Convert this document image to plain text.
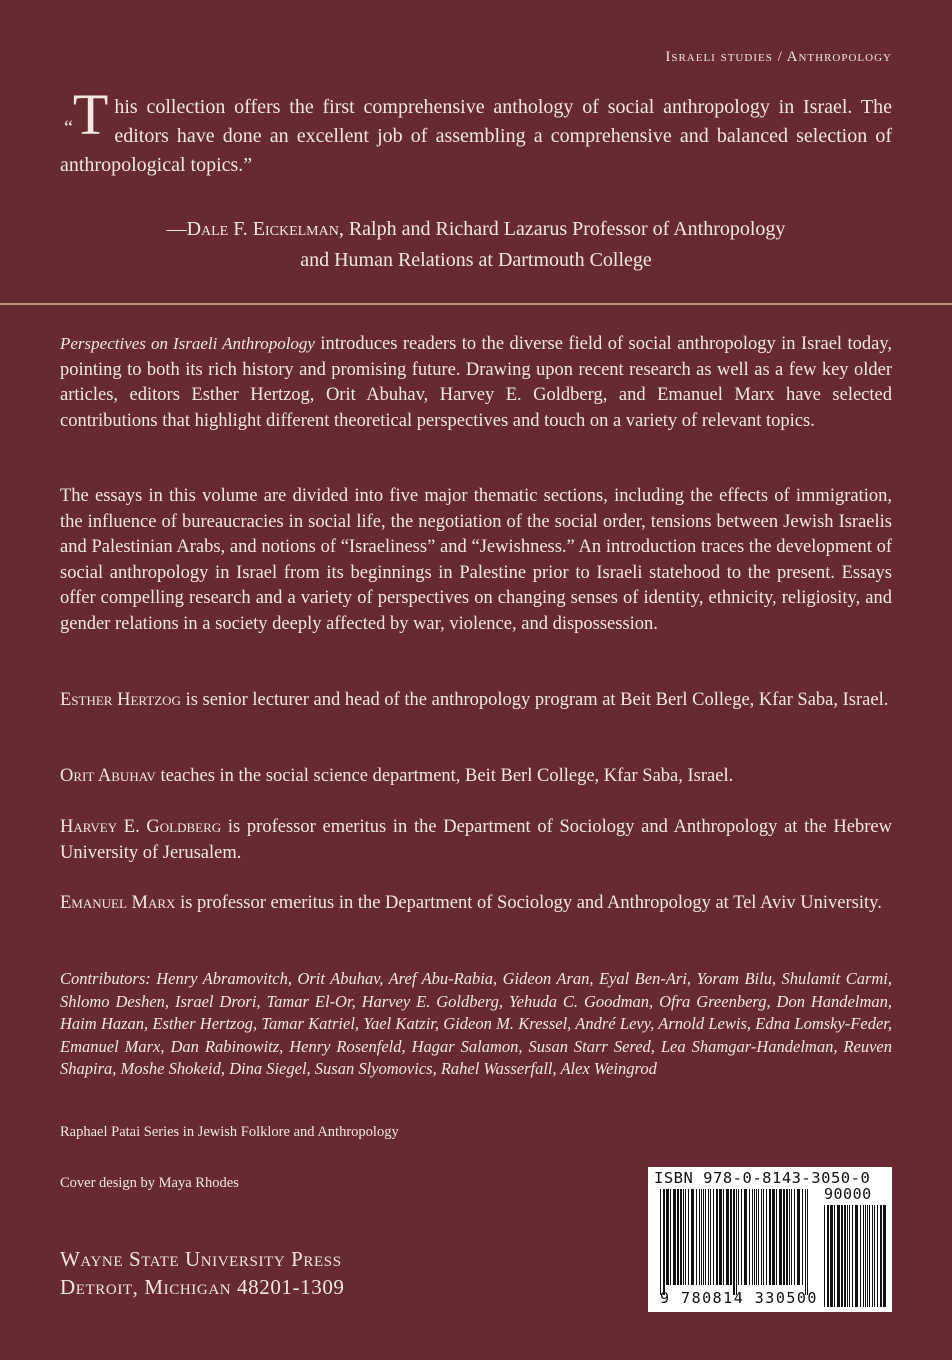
Israeli studies / Anthropology
“T his collection offers the first comprehensive anthology of social anthropology in Israel. The editors have done an excellent job of assembling a comprehensive and balanced selection of anthropological topics.”
—Dale F. Eickelman, Ralph and Richard Lazarus Professor of Anthropology
and Human Relations at Dartmouth College
Perspectives on Israeli Anthropology introduces readers to the diverse field of social anthropology in Israel today, pointing to both its rich history and promising future. Drawing upon recent research as well as a few key older articles, editors Esther Hertzog, Orit Abuhav, Harvey E. Goldberg, and Emanuel Marx have selected contributions that highlight different theoretical perspectives and touch on a variety of relevant topics.
The essays in this volume are divided into five major thematic sections, including the effects of immigration, the influence of bureaucracies in social life, the negotiation of the social order, tensions between Jewish Israelis and Palestinian Arabs, and notions of “Israeliness” and “Jewishness.” An introduction traces the development of social anthropology in Israel from its beginnings in Palestine prior to Israeli statehood to the present. Essays offer compelling research and a variety of perspectives on changing senses of identity, ethnicity, religiosity, and gender relations in a society deeply affected by war, violence, and dispossession.
Esther Hertzog is senior lecturer and head of the anthropology program at Beit Berl College, Kfar Saba, Israel.
Orit Abuhav teaches in the social science department, Beit Berl College, Kfar Saba, Israel.
Harvey E. Goldberg is professor emeritus in the Department of Sociology and Anthropology at the Hebrew University of Jerusalem.
Emanuel Marx is professor emeritus in the Department of Sociology and Anthropology at Tel Aviv University.
Contributors: Henry Abramovitch, Orit Abuhav, Aref Abu-Rabia, Gideon Aran, Eyal Ben-Ari, Yoram Bilu, Shulamit Carmi, Shlomo Deshen, Israel Drori, Tamar El-Or, Harvey E. Goldberg, Yehuda C. Goodman, Ofra Greenberg, Don Handelman, Haim Hazan, Esther Hertzog, Tamar Katriel, Yael Katzir, Gideon M. Kressel, André Levy, Arnold Lewis, Edna Lomsky-Feder, Emanuel Marx, Dan Rabinowitz, Henry Rosenfeld, Hagar Salamon, Susan Starr Sered, Lea Shamgar-Handelman, Reuven Shapira, Moshe Shokeid, Dina Siegel, Susan Slyomovics, Rahel Wasserfall, Alex Weingrod
Raphael Patai Series in Jewish Folklore and Anthropology
Cover design by Maya Rhodes
Wayne State University Press
Detroit, Michigan 48201-1309
ISBN 978-0-8143-3050-0
90000
9 780814 330500
